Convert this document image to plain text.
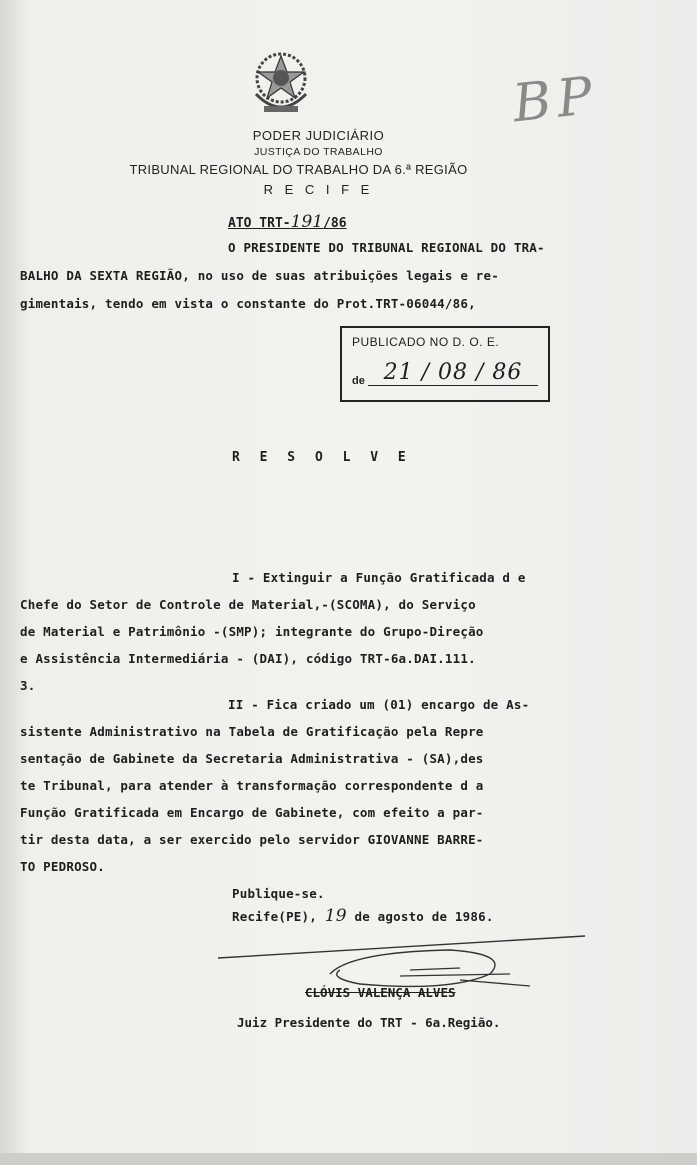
PODER JUDICIÁRIO
JUSTIÇA DO TRABALHO
TRIBUNAL REGIONAL DO TRABALHO DA 6.ª REGIÃO
R E C I F E
BP
ATO TRT-191/86
O PRESIDENTE DO TRIBUNAL REGIONAL DO TRA-
BALHO DA SEXTA REGIÃO, no uso de suas atribuições legais e re-
gimentais, tendo em vista o constante do Prot.TRT-06044/86,
PUBLICADO NO D. O. E.
21 / 08 / 86
de
R E S O L V E
I - Extinguir a Função Gratificada d e
Chefe do Setor de Controle de Material,-(SCOMA), do Serviço
de Material e Patrimônio -(SMP); integrante do Grupo-Direção
e Assistência Intermediária - (DAI), código TRT-6a.DAI.111.
3.
II - Fica criado um (01) encargo de As-
sistente Administrativo na Tabela de Gratificação pela Repre
sentação de Gabinete da Secretaria Administrativa - (SA),des
te Tribunal, para atender à transformação correspondente d a
Função Gratificada em Encargo de Gabinete, com efeito a par-
tir desta data, a ser exercido pelo servidor GIOVANNE BARRE-
TO PEDROSO.
Publique-se.
Recife(PE), 19 de agosto de 1986.
CLÓVIS VALENÇA ALVES
Juiz Presidente do TRT - 6a.Região.
